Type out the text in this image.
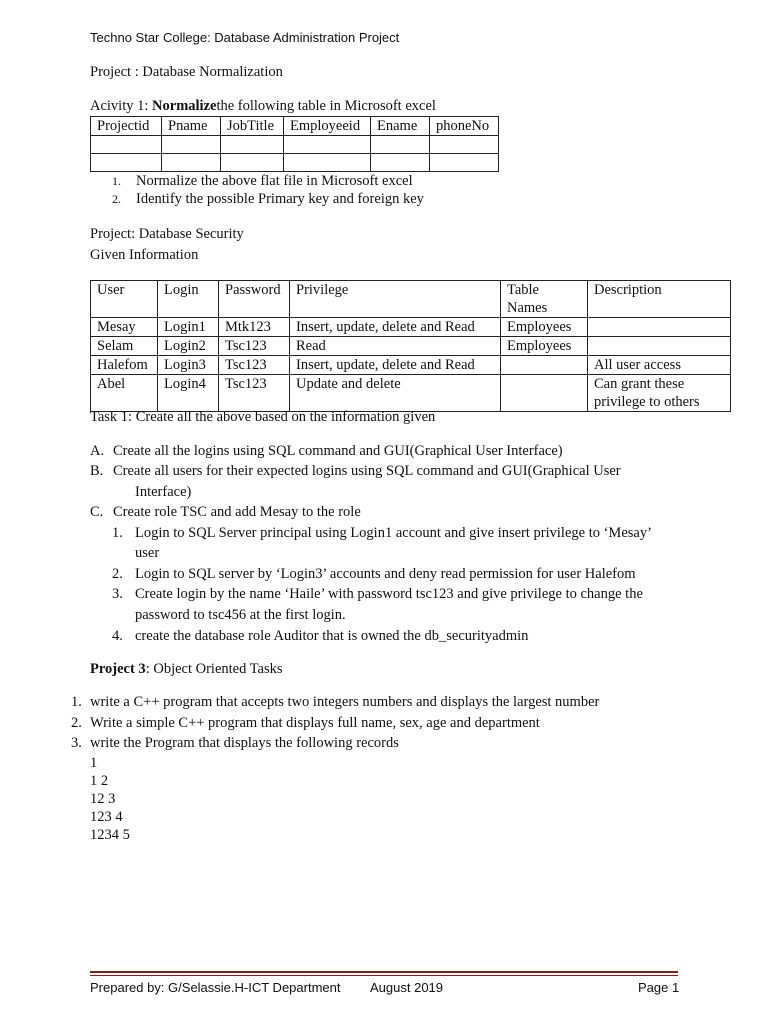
Techno Star College: Database Administration Project
Project : Database Normalization
Acivity 1: Normalizethe following table in Microsoft excel
Projectid	Pname	JobTitle	Employeeid	Ename	phoneNo

1. Normalize the above flat file in Microsoft excel
2. Identify the possible Primary key and foreign key
Project: Database Security
Given Information
User	Login	Password	Privilege	Table Names	Description
Mesay	Login1	Mtk123	Insert, update, delete and Read	Employees	
Selam	Login2	Tsc123	Read	Employees	
Halefom	Login3	Tsc123	Insert, update, delete and Read		All user access
Abel	Login4	Tsc123	Update and delete		Can grant these privilege to others
Task 1: Create all the above based on the information given
A. Create all the logins using SQL command and GUI(Graphical User Interface)
B. Create all users for their expected logins using SQL command and GUI(Graphical User
Interface)
C. Create role TSC and add Mesay to the role
1. Login to SQL Server principal using Login1 account and give insert privilege to ‘Mesay’
user
2. Login to SQL server by ‘Login3’ accounts and deny read permission for user Halefom
3. Create login by the name ‘Haile’ with password tsc123 and give privilege to change the
password to tsc456 at the first login.
4. create the database role Auditor that is owned the db_securityadmin
Project 3: Object Oriented Tasks
1. write a C++ program that accepts two integers numbers and displays the largest number
2. Write a simple C++ program that displays full name, sex, age and department
3. write the Program that displays the following records
1
1 2
12 3
123 4
1234 5
Prepared by: G/Selassie.H-ICT Department August 2019	Page 1
